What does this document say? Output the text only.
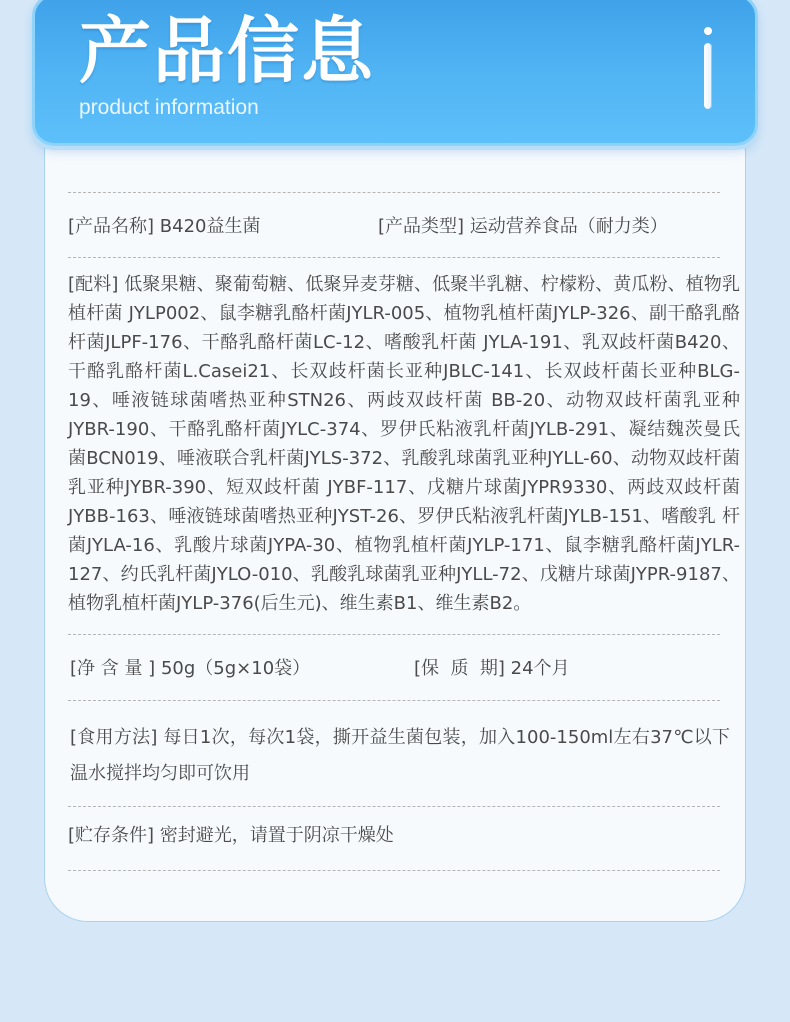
产品信息
product information
[产品名称] B420益生菌	[产品类型] 运动营养食品（耐力类）
[配料] 低聚果糖、聚葡萄糖、低聚异麦芽糖、低聚半乳糖、柠檬粉、黄瓜粉、植物乳植杆菌 JYLP002、鼠李糖乳酪杆菌JYLR-005、植物乳植杆菌JYLP-326、副干酪乳酪杆菌JLPF-176、干酪乳酪杆菌LC-12、嗜酸乳杆菌 JYLA-191、乳双歧杆菌B420、干酪乳酪杆菌L.Casei21、长双歧杆菌长亚种JBLC-141、长双歧杆菌长亚种BLG-19、唾液链球菌嗜热亚种STN26、两歧双歧杆菌 BB-20、动物双歧杆菌乳亚种JYBR-190、干酪乳酪杆菌JYLC-374、罗伊氏粘液乳杆菌JYLB-291、凝结魏茨曼氏菌BCN019、唾液联合乳杆菌JYLS-372、乳酸乳球菌乳亚种JYLL-60、动物双歧杆菌乳亚种JYBR-390、短双歧杆菌 JYBF-117、戊糖片球菌JYPR9330、两歧双歧杆菌JYBB-163、唾液链球菌嗜热亚种JYST-26、罗伊氏粘液乳杆菌JYLB-151、嗜酸乳 杆菌JYLA-16、乳酸片球菌JYPA-30、植物乳植杆菌JYLP-171、鼠李糖乳酪杆菌JYLR-127、约氏乳杆菌JYLO-010、乳酸乳球菌乳亚种JYLL-72、戊糖片球菌JYPR-9187、植物乳植杆菌JYLP-376(后生元)、维生素B1、维生素B2。
[净 含 量 ] 50g（5g×10袋）	[保  质  期] 24个月
[食用方法] 每日1次，每次1袋，撕开益生菌包装，加入100-150ml左右37℃以下温水搅拌均匀即可饮用
[贮存条件] 密封避光，请置于阴凉干燥处
